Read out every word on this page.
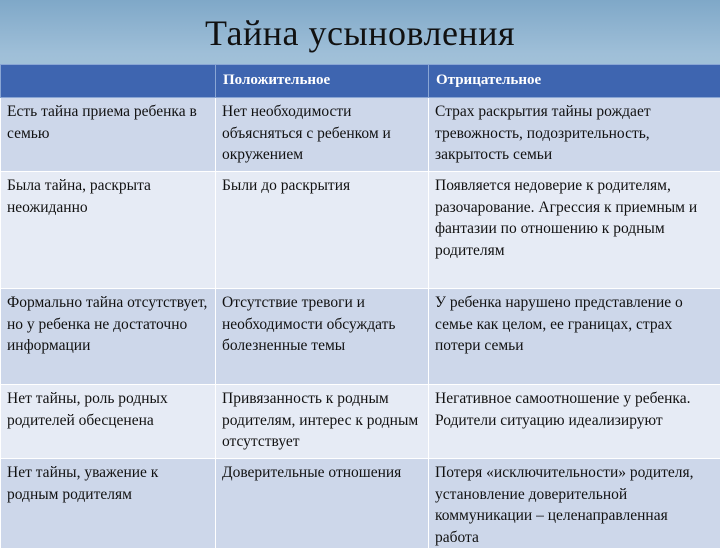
Тайна усыновления
	Положительное	Отрицательное
Есть тайна приема ребенка в семью	Нет необходимости объясняться с ребенком и окружением	Страх раскрытия тайны рождает тревожность, подозрительность, закрытость семьи
Была тайна, раскрыта неожиданно	Были до раскрытия	Появляется недоверие к родителям, разочарование. Агрессия к приемным и фантазии по отношению к родным родителям
Формально тайна отсутствует, но у ребенка не достаточно информации	Отсутствие тревоги и необходимости обсуждать болезненные темы	У ребенка нарушено представление о семье как целом, ее границах, страх потери семьи
Нет тайны, роль родных родителей обесценена	Привязанность к родным родителям, интерес к родным отсутствует	Негативное самоотношение у ребенка. Родители ситуацию идеализируют
Нет тайны, уважение к родным родителям	Доверительные отношения	Потеря «исключительности» родителя, установление доверительной коммуникации – целенаправленная работа
